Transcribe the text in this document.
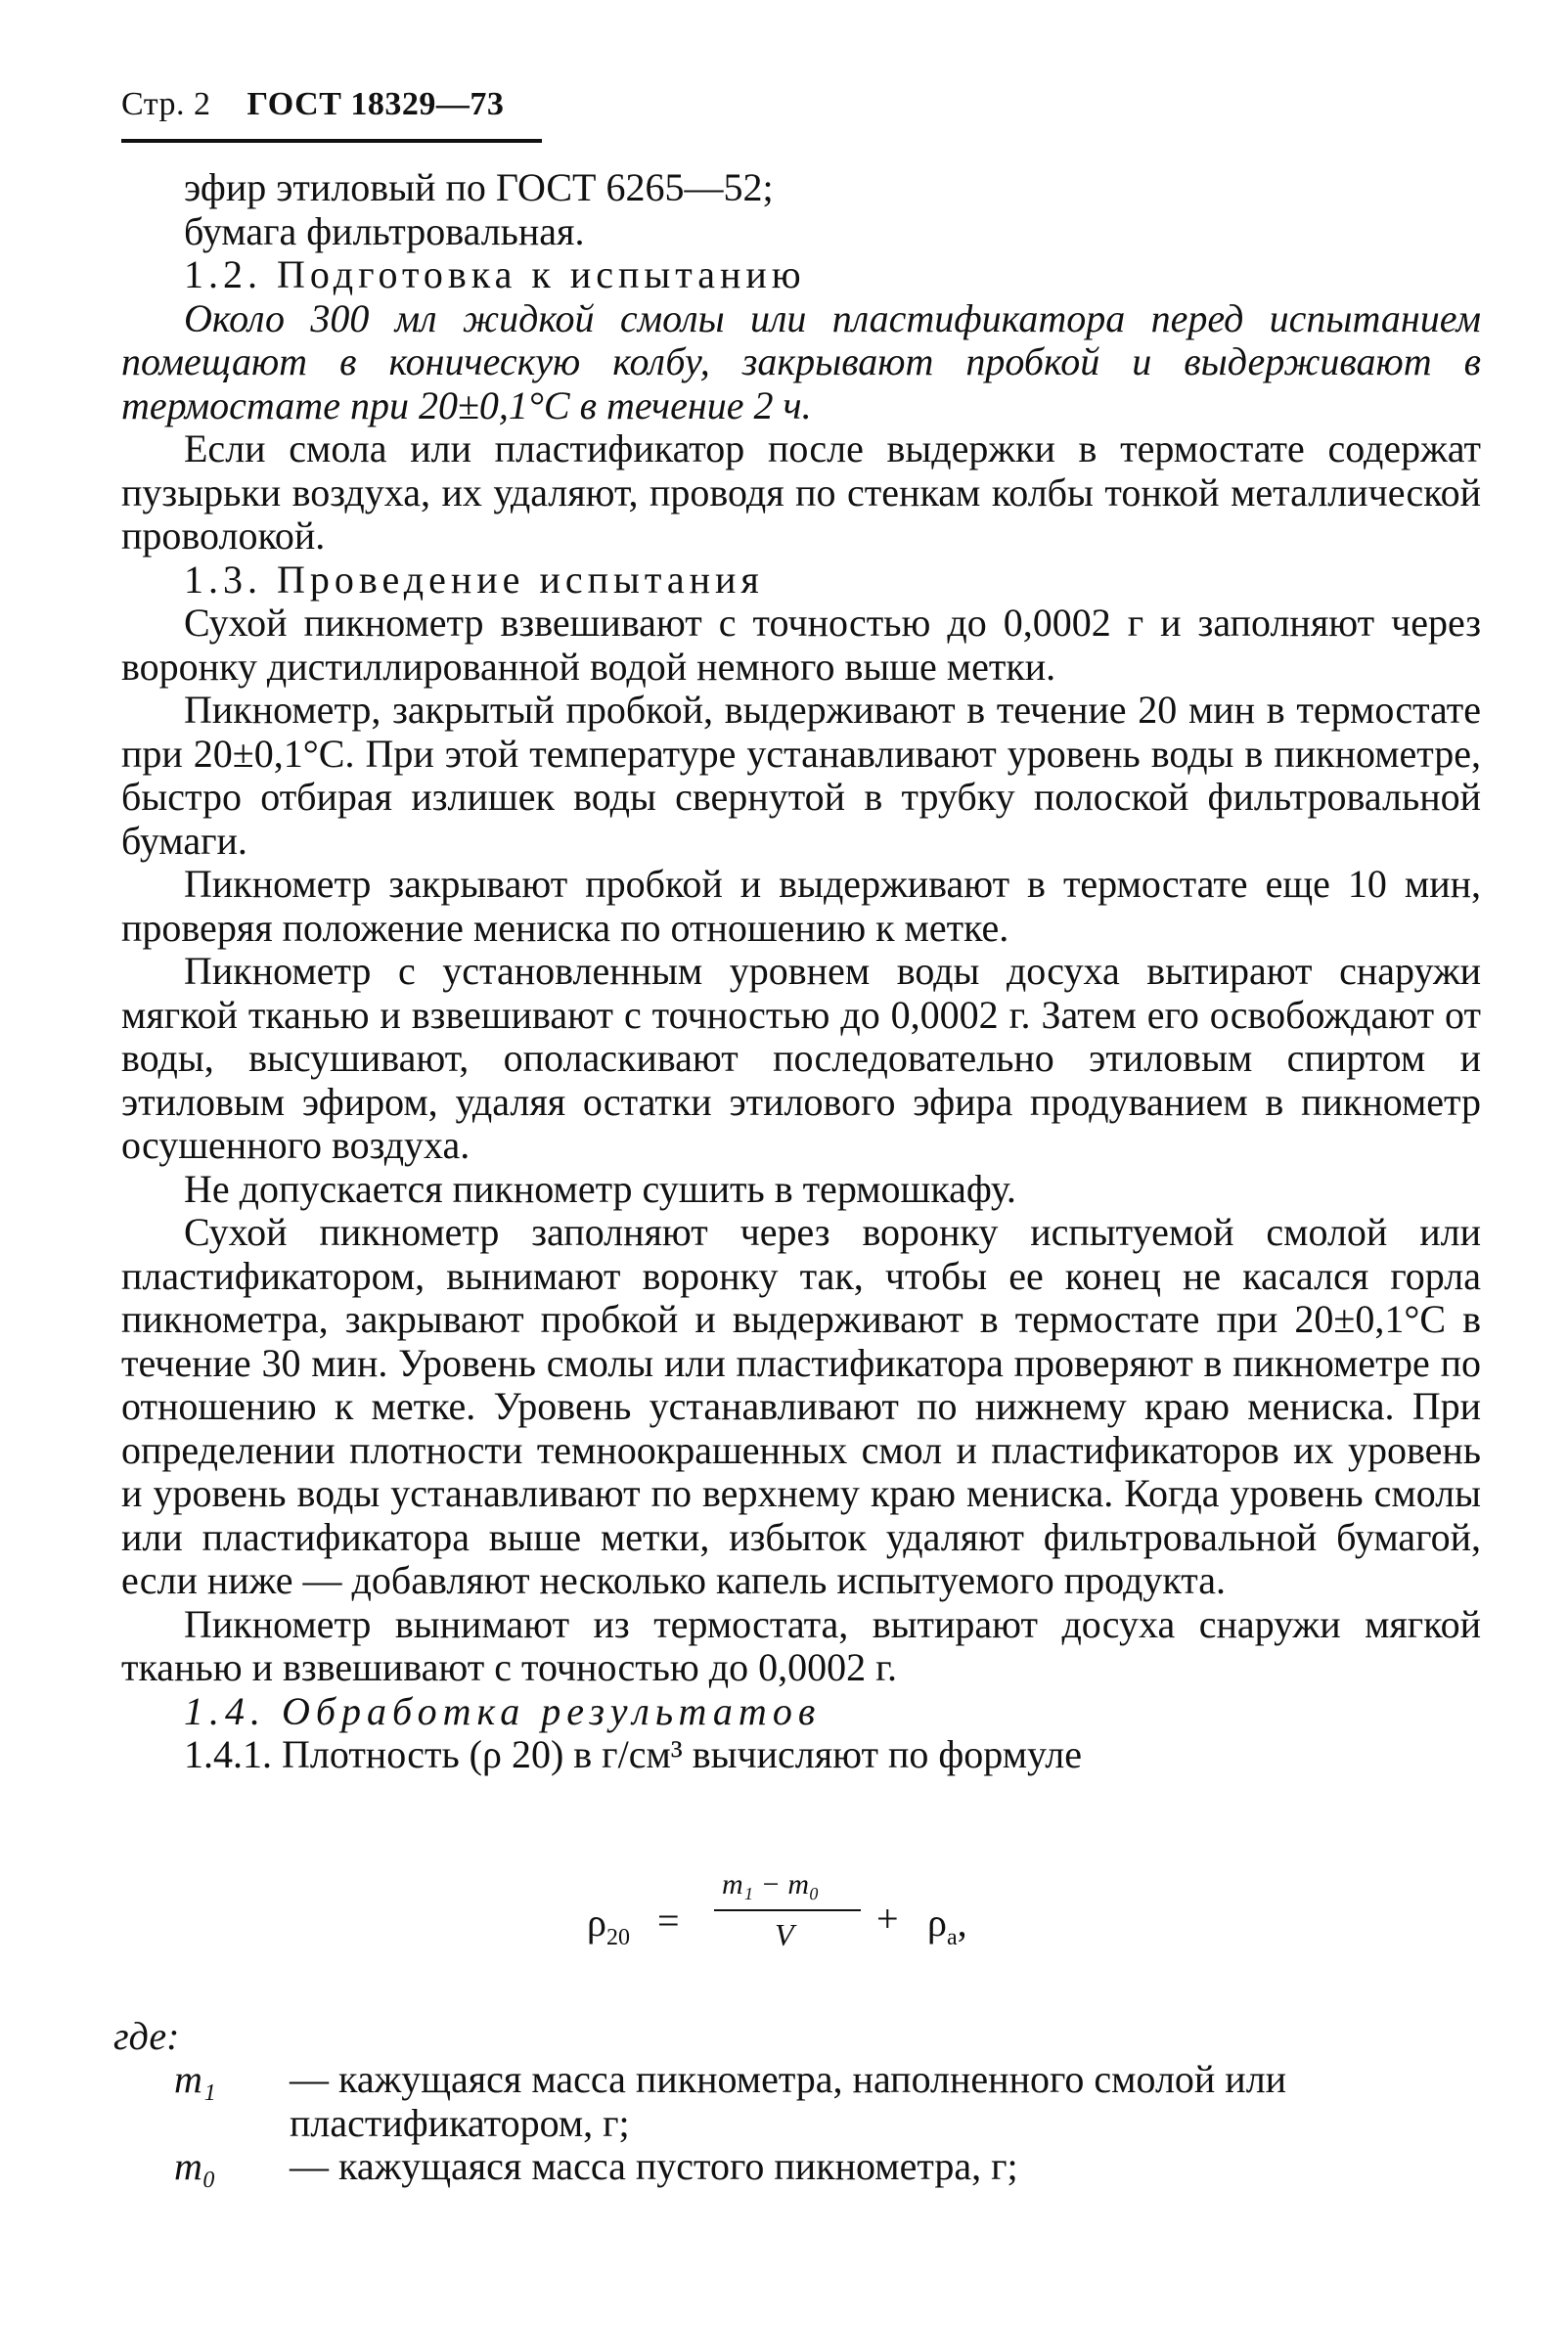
Стр. 2 ГОСТ 18329—73

эфир этиловый по ГОСТ 6265—52;

бумага фильтровальная.

1.2. Подготовка к испытанию

Около 300 мл жидкой смолы или пластификатора перед испытанием помещают в коническую колбу, закрывают пробкой и выдерживают в термостате при 20±0,1°С в течение 2 ч.

Если смола или пластификатор после выдержки в термостате содержат пузырьки воздуха, их удаляют, проводя по стенкам колбы тонкой металлической проволокой.

1.3. Проведение испытания

Сухой пикнометр взвешивают с точностью до 0,0002 г и заполняют через воронку дистиллированной водой немного выше метки.

Пикнометр, закрытый пробкой, выдерживают в течение 20 мин в термостате при 20±0,1°С. При этой температуре устанавливают уровень воды в пикнометре, быстро отбирая излишек воды свернутой в трубку полоской фильтровальной бумаги.

Пикнометр закрывают пробкой и выдерживают в термостате еще 10 мин, проверяя положение мениска по отношению к метке.

Пикнометр с установленным уровнем воды досуха вытирают снаружи мягкой тканью и взвешивают с точностью до 0,0002 г. Затем его освобождают от воды, высушивают, ополаскивают последовательно этиловым спиртом и этиловым эфиром, удаляя остатки этилового эфира продуванием в пикнометр осушенного воздуха.

Не допускается пикнометр сушить в термошкафу.

Сухой пикнометр заполняют через воронку испытуемой смолой или пластификатором, вынимают воронку так, чтобы ее конец не касался горла пикнометра, закрывают пробкой и выдерживают в термостате при 20±0,1°С в течение 30 мин. Уровень смолы или пластификатора проверяют в пикнометре по отношению к метке. Уровень устанавливают по нижнему краю мениска. При определении плотности темноокрашенных смол и пластификаторов их уровень и уровень воды устанавливают по верхнему краю мениска. Когда уровень смолы или пластификатора выше метки, избыток удаляют фильтровальной бумагой, если ниже — добавляют несколько капель испытуемого продукта.

Пикнометр вынимают из термостата, вытирают досуха снаружи мягкой тканью и взвешивают с точностью до 0,0002 г.

1.4. Обработка результатов

1.4.1. Плотность (ρ 20) в г/см³ вычисляют по формуле

$\rho_{20}$ =
m₁ − m₀
$V + \rho_a$,
где:

m₁ — кажущаяся масса пикнометра, наполненного смолой или пластификатором, г;

m₀ — кажущаяся масса пустого пикнометра, г;
